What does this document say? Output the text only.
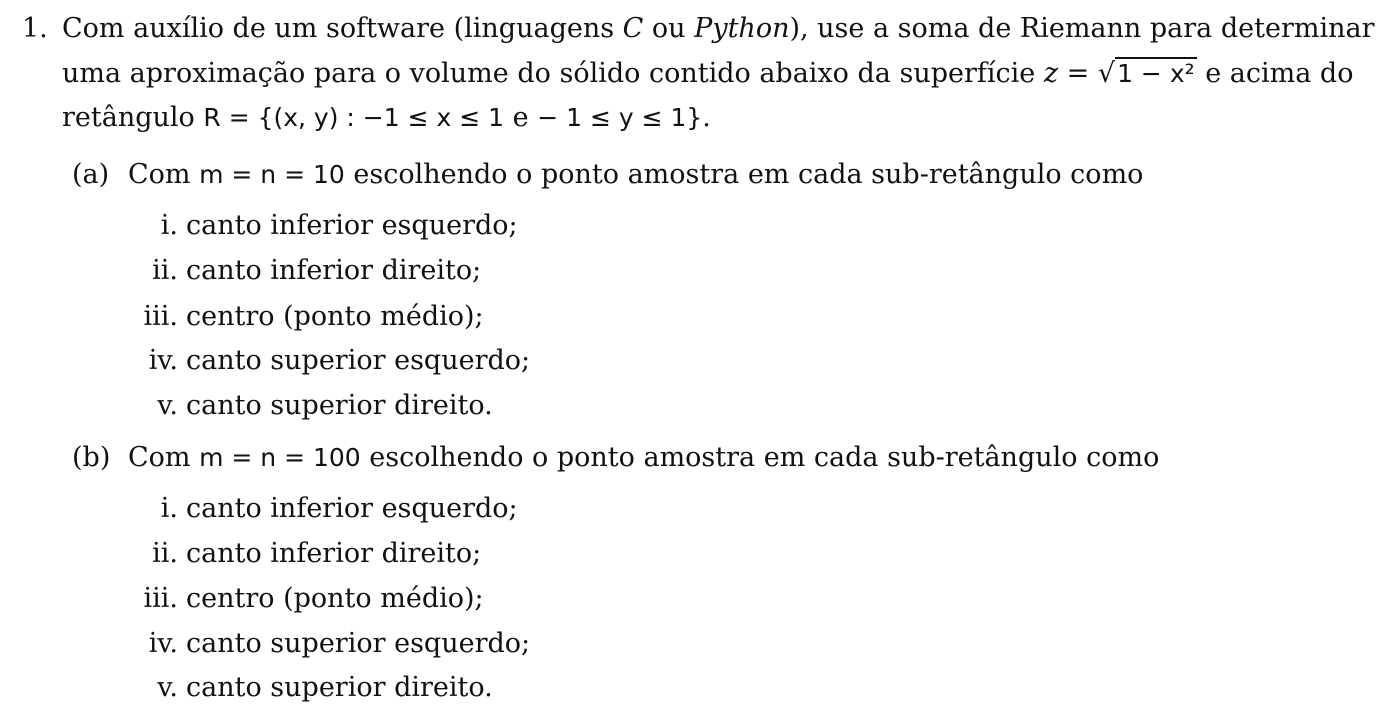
1. Com auxílio de um software (linguagens C ou Python), use a soma de Riemann para determinar
uma aproximação para o volume do sólido contido abaixo da superfície z = √1 − x² e acima do
retângulo R = {(x, y) : −1 ≤ x ≤ 1 e − 1 ≤ y ≤ 1}.
(a) Com m = n = 10 escolhendo o ponto amostra em cada sub-retângulo como
i. canto inferior esquerdo;
ii. canto inferior direito;
iii. centro (ponto médio);
iv. canto superior esquerdo;
v. canto superior direito.
(b) Com m = n = 100 escolhendo o ponto amostra em cada sub-retângulo como
i. canto inferior esquerdo;
ii. canto inferior direito;
iii. centro (ponto médio);
iv. canto superior esquerdo;
v. canto superior direito.
